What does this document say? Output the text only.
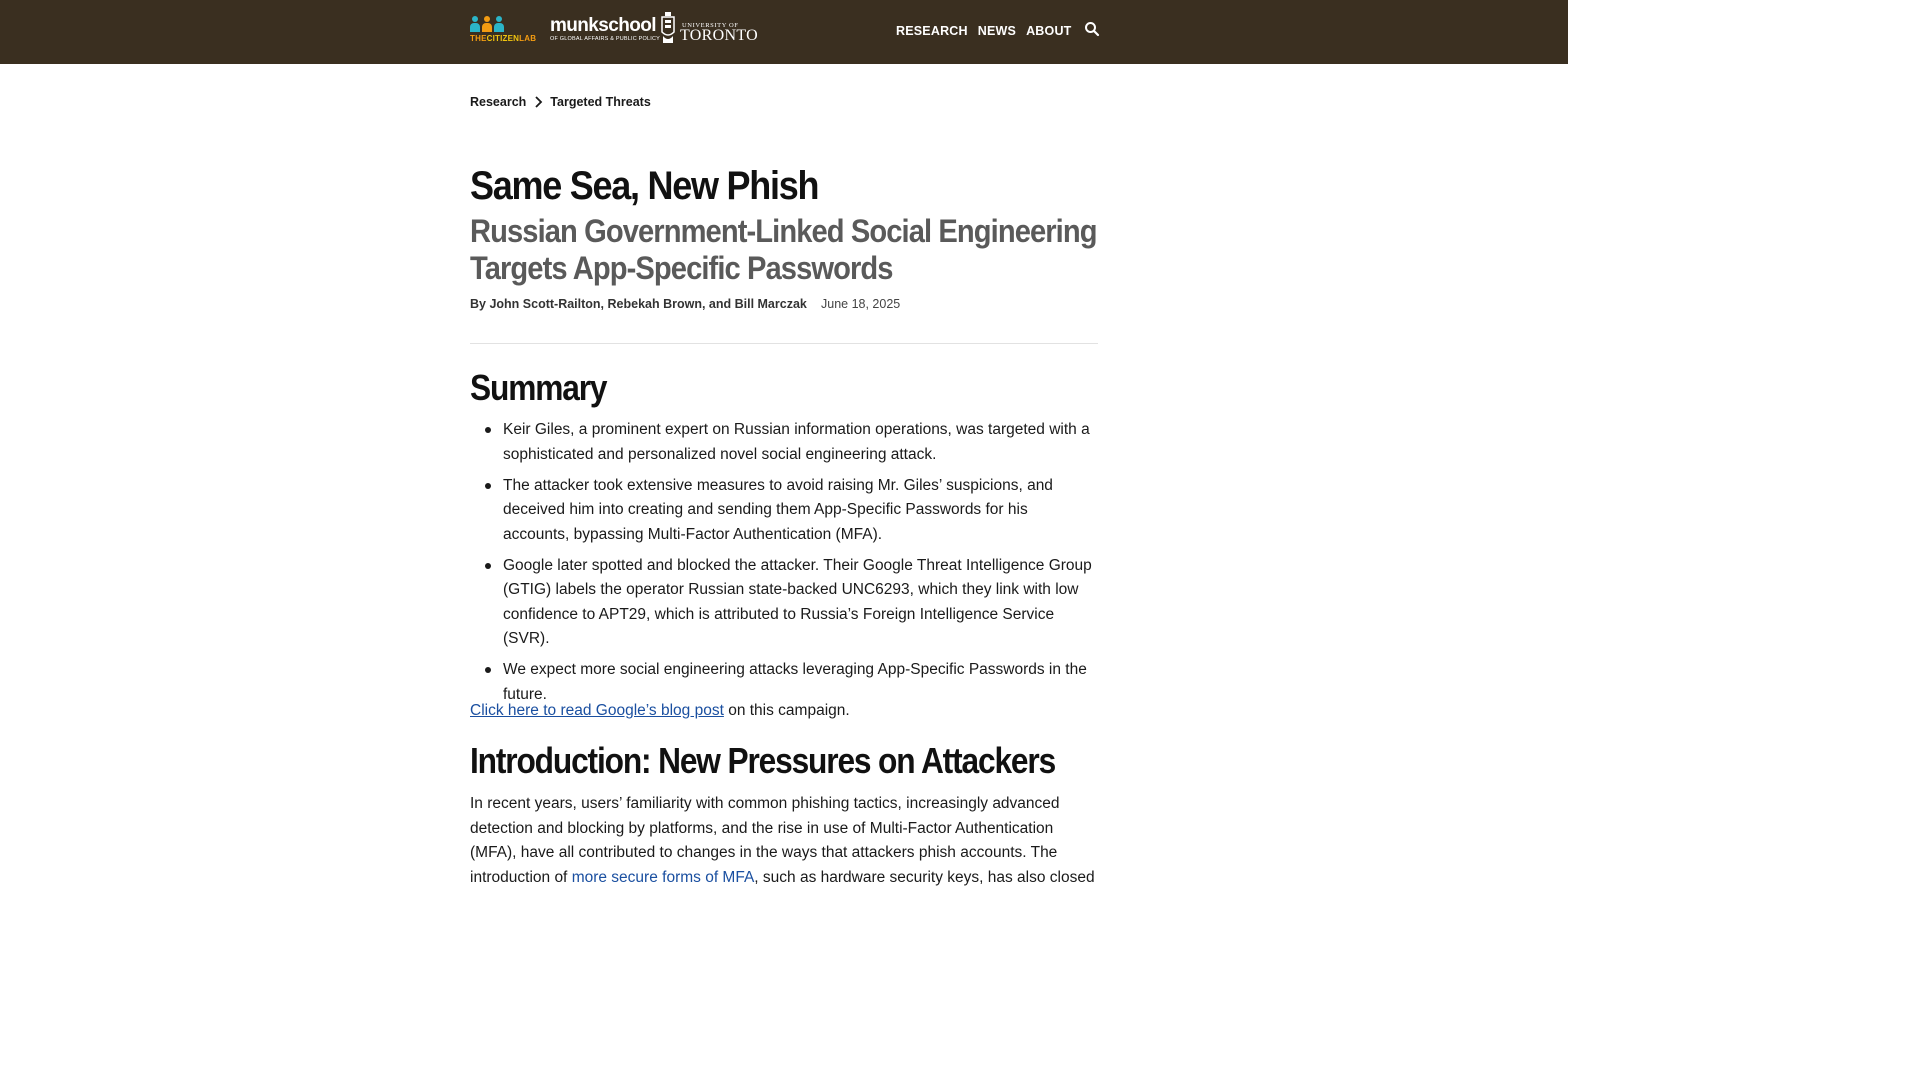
THECITIZENLAB
munkschool
OF GLOBAL AFFAIRS & PUBLIC POLICY
UNIVERSITY OF
TORONTO	RESEARCH NEWS ABOUT
Research Targeted Threats
Same Sea, New Phish
Russian Government-Linked Social Engineering Targets App-Specific Passwords
By John Scott-Railton, Rebekah Brown, and Bill Marczak June 18, 2025
Summary
Keir Giles, a prominent expert on Russian information operations, was targeted with a sophisticated and personalized novel social engineering attack.
The attacker took extensive measures to avoid raising Mr. Giles’ suspicions, and deceived him into creating and sending them App-Specific Passwords for his accounts, bypassing Multi-Factor Authentication (MFA).
Google later spotted and blocked the attacker. Their Google Threat Intelligence Group (GTIG) labels the operator Russian state-backed UNC6293, which they link with low confidence to APT29, which is attributed to Russia’s Foreign Intelligence Service (SVR).
We expect more social engineering attacks leveraging App-Specific Passwords in the future.

Click here to read Google’s blog post on this campaign.

Introduction: New Pressures on Attackers

In recent years, users’ familiarity with common phishing tactics, increasingly advanced detection and blocking by platforms, and the rise in use of Multi-Factor Authentication (MFA), have all contributed to changes in the ways that attackers phish accounts. The introduction of more secure forms of MFA, such as hardware security keys, has also closed
